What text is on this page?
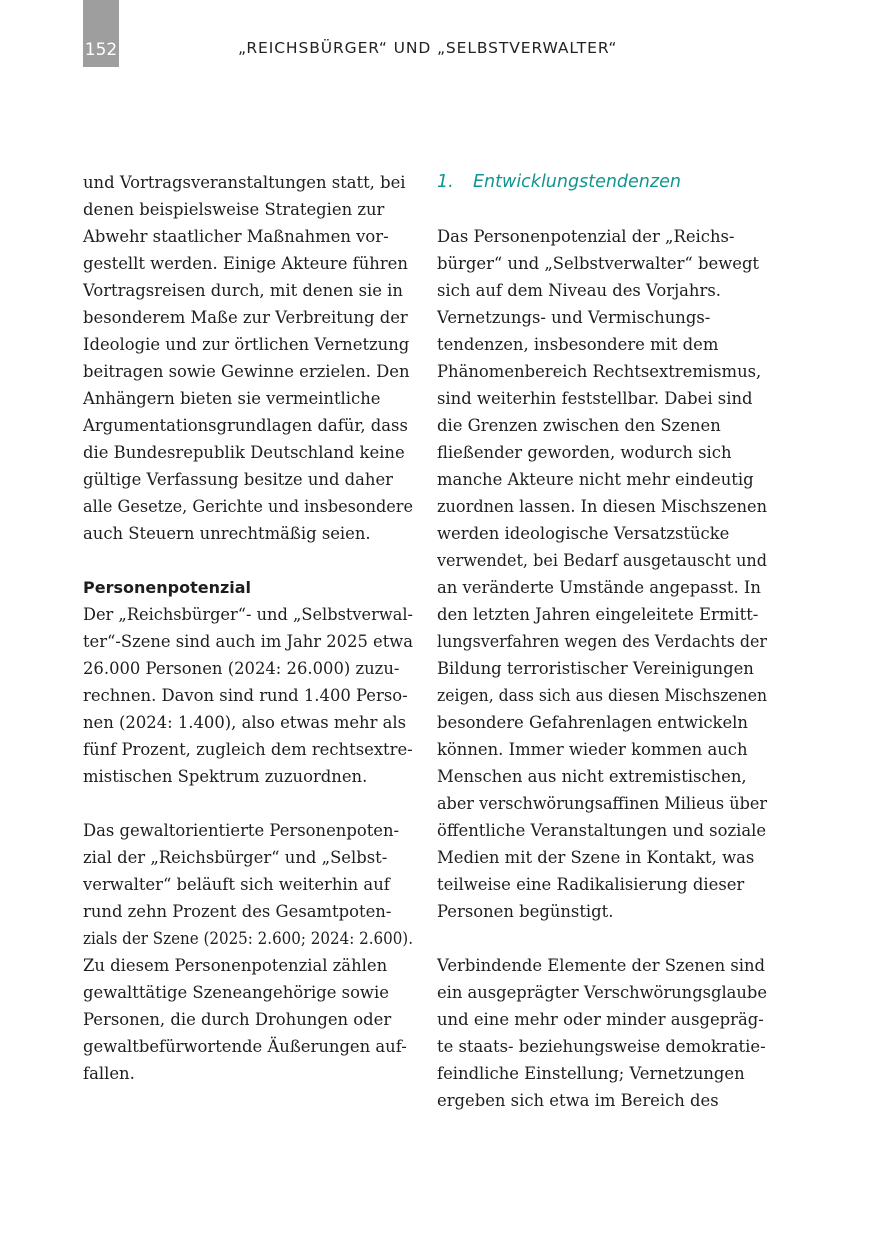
152	„REICHSBÜRGER“ UND „SELBSTVERWALTER“

und Vortragsveranstaltungen statt, bei
denen beispielsweise Strategien zur
Abwehr staatlicher Maßnahmen vor-
gestellt werden. Einige Akteure führen
Vortragsreisen durch, mit denen sie in
besonderem Maße zur Verbreitung der
Ideologie und zur örtlichen Vernetzung
beitragen sowie Gewinne erzielen. Den
Anhängern bieten sie vermeintliche
Argumentationsgrundlagen dafür, dass
die Bundesrepublik Deutschland keine
gültige Verfassung besitze und daher
alle Gesetze, Gerichte und insbesondere
auch Steuern unrechtmäßig seien.

Personenpotenzial

Der „Reichsbürger“- und „Selbstverwal-
ter“-Szene sind auch im Jahr 2025 etwa
26.000 Personen (2024: 26.000) zuzu-
rechnen. Davon sind rund 1.400 Perso-
nen (2024: 1.400), also etwas mehr als
fünf Prozent, zugleich dem rechtsextre-
mistischen Spektrum zuzuordnen.

Das gewaltorientierte Personenpoten-
zial der „Reichsbürger“ und „Selbst-
verwalter“ beläuft sich weiterhin auf
rund zehn Prozent des Gesamtpoten-
zials der Szene (2025: 2.600; 2024: 2.600).
Zu diesem Personenpotenzial zählen
gewalttätige Szeneangehörige sowie
Personen, die durch Drohungen oder
gewaltbefürwortende Äußerungen auf-
fallen.

1. Entwicklungstendenzen

Das Personenpotenzial der „Reichs-
bürger“ und „Selbstverwalter“ bewegt
sich auf dem Niveau des Vorjahrs.
Vernetzungs- und Vermischungs-
tendenzen, insbesondere mit dem
Phänomenbereich Rechtsextremismus,
sind weiterhin feststellbar. Dabei sind
die Grenzen zwischen den Szenen
fließender geworden, wodurch sich
manche Akteure nicht mehr eindeutig
zuordnen lassen. In diesen Mischszenen
werden ideologische Versatzstücke
verwendet, bei Bedarf ausgetauscht und
an veränderte Umstände angepasst. In
den letzten Jahren eingeleitete Ermitt-
lungsverfahren wegen des Verdachts der
Bildung terroristischer Vereinigungen
zeigen, dass sich aus diesen Mischszenen
besondere Gefahrenlagen entwickeln
können. Immer wieder kommen auch
Menschen aus nicht extremistischen,
aber verschwörungsaffinen Milieus über
öffentliche Veranstaltungen und soziale
Medien mit der Szene in Kontakt, was
teilweise eine Radikalisierung dieser
Personen begünstigt.

Verbindende Elemente der Szenen sind
ein ausgeprägter Verschwörungsglaube
und eine mehr oder minder ausgepräg-
te staats- beziehungsweise demokratie-
feindliche Einstellung; Vernetzungen
ergeben sich etwa im Bereich des
